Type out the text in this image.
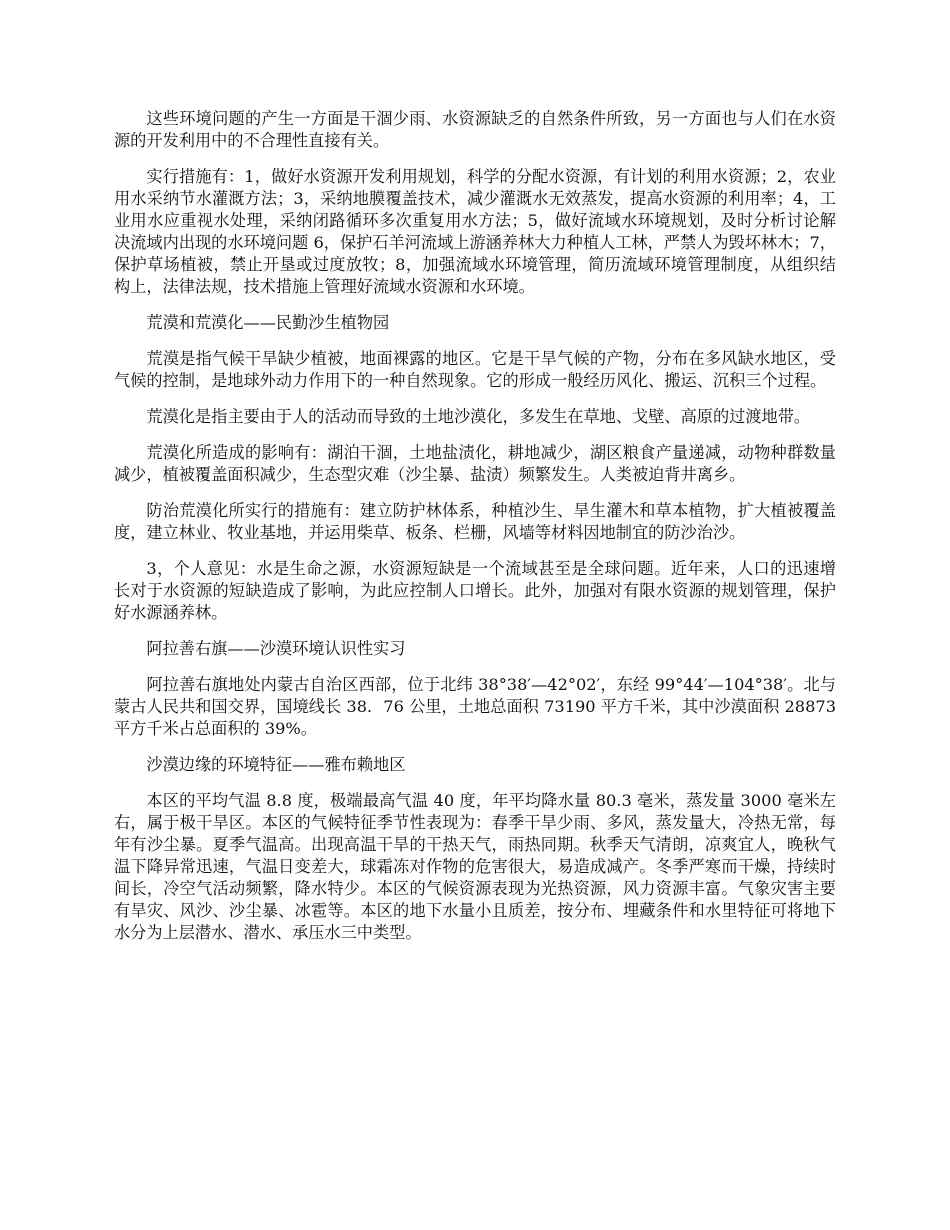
这些环境问题的产生一方面是干涸少雨、水资源缺乏的自然条件所致，另一方面也与人们在水资源的开发利用中的不合理性直接有关。

实行措施有：1，做好水资源开发利用规划，科学的分配水资源，有计划的利用水资源；2，农业用水采纳节水灌溉方法；3，采纳地膜覆盖技术，减少灌溉水无效蒸发，提高水资源的利用率；4，工业用水应重视水处理，采纳闭路循环多次重复用水方法；5，做好流域水环境规划，及时分析讨论解决流域内出现的水环境问题 6，保护石羊河流域上游涵养林大力种植人工林，严禁人为毁坏林木；7，保护草场植被，禁止开垦或过度放牧；8，加强流域水环境管理，简历流域环境管理制度，从组织结构上，法律法规，技术措施上管理好流域水资源和水环境。

荒漠和荒漠化——民勤沙生植物园

荒漠是指气候干旱缺少植被，地面裸露的地区。它是干旱气候的产物，分布在多风缺水地区，受气候的控制，是地球外动力作用下的一种自然现象。它的形成一般经历风化、搬运、沉积三个过程。

荒漠化是指主要由于人的活动而导致的土地沙漠化，多发生在草地、戈壁、高原的过渡地带。

荒漠化所造成的影响有：湖泊干涸，土地盐渍化，耕地减少，湖区粮食产量递减，动物种群数量减少，植被覆盖面积减少，生态型灾难（沙尘暴、盐渍）频繁发生。人类被迫背井离乡。

防治荒漠化所实行的措施有：建立防护林体系，种植沙生、旱生灌木和草本植物，扩大植被覆盖度，建立林业、牧业基地，并运用柴草、板条、栏栅，风墙等材料因地制宜的防沙治沙。

3，个人意见：水是生命之源，水资源短缺是一个流域甚至是全球问题。近年来，人口的迅速增长对于水资源的短缺造成了影响，为此应控制人口增长。此外，加强对有限水资源的规划管理，保护好水源涵养林。

阿拉善右旗——沙漠环境认识性实习

阿拉善右旗地处内蒙古自治区西部，位于北纬 38°38′—42°02′，东经 99°44′—104°38′。北与蒙古人民共和国交界，国境线长 38．76 公里，土地总面积 73190 平方千米，其中沙漠面积 28873 平方千米占总面积的 39%。

沙漠边缘的环境特征——雅布赖地区

本区的平均气温 8.8 度，极端最高气温 40 度，年平均降水量 80.3 毫米，蒸发量 3000 毫米左右，属于极干旱区。本区的气候特征季节性表现为：春季干旱少雨、多风，蒸发量大，冷热无常，每年有沙尘暴。夏季气温高。出现高温干旱的干热天气，雨热同期。秋季天气清朗，凉爽宜人，晚秋气温下降异常迅速，气温日变差大，球霜冻对作物的危害很大，易造成减产。冬季严寒而干燥，持续时间长，冷空气活动频繁，降水特少。本区的气候资源表现为光热资源，风力资源丰富。气象灾害主要有旱灾、风沙、沙尘暴、冰雹等。本区的地下水量小且质差，按分布、埋藏条件和水里特征可将地下水分为上层潜水、潜水、承压水三中类型。
